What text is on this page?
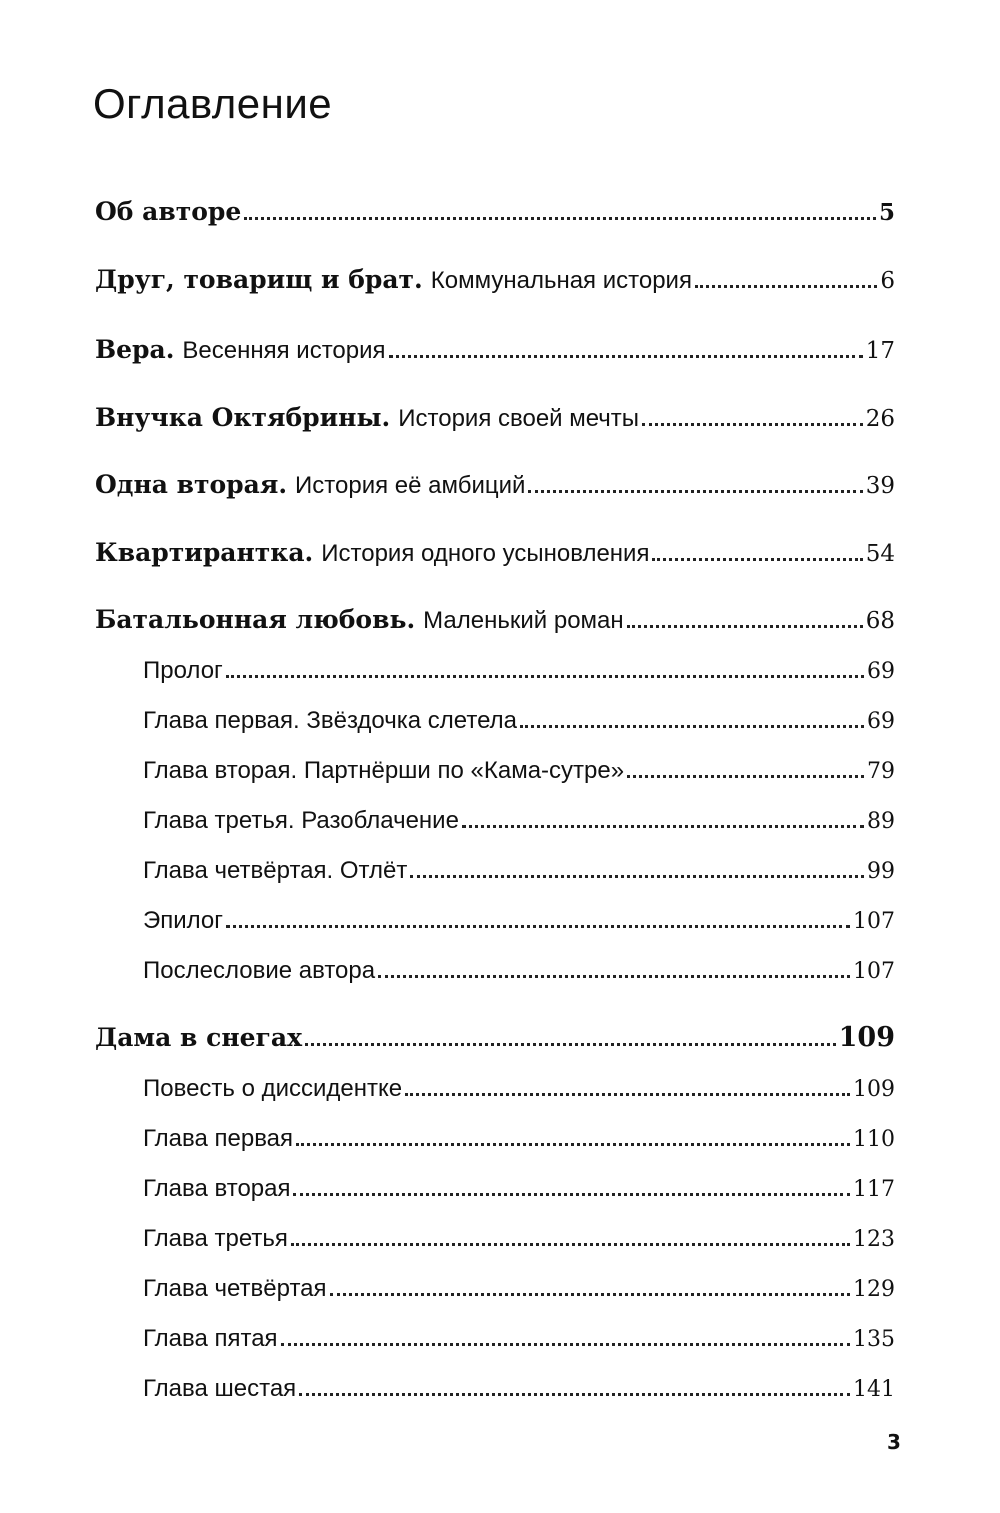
Оглавление
Об авторе	5
Друг, товарищ и брат. Коммунальная история	6
Вера. Весенняя история	17
Внучка Октябрины. История своей мечты	26
Одна вторая. История её амбиций	39
Квартирантка. История одного усыновления	54
Батальонная любовь. Маленький роман	68
Пролог	69
Глава первая. Звёздочка слетела	69
Глава вторая. Партнёрши по «Кама-сутре»	79
Глава третья. Разоблачение	89
Глава четвёртая. Отлёт	99
Эпилог	107
Послесловие автора	107
Дама в снегах	109
Повесть о диссидентке	109
Глава первая	110
Глава вторая	117
Глава третья	123
Глава четвёртая	129
Глава пятая	135
Глава шестая	141
3
